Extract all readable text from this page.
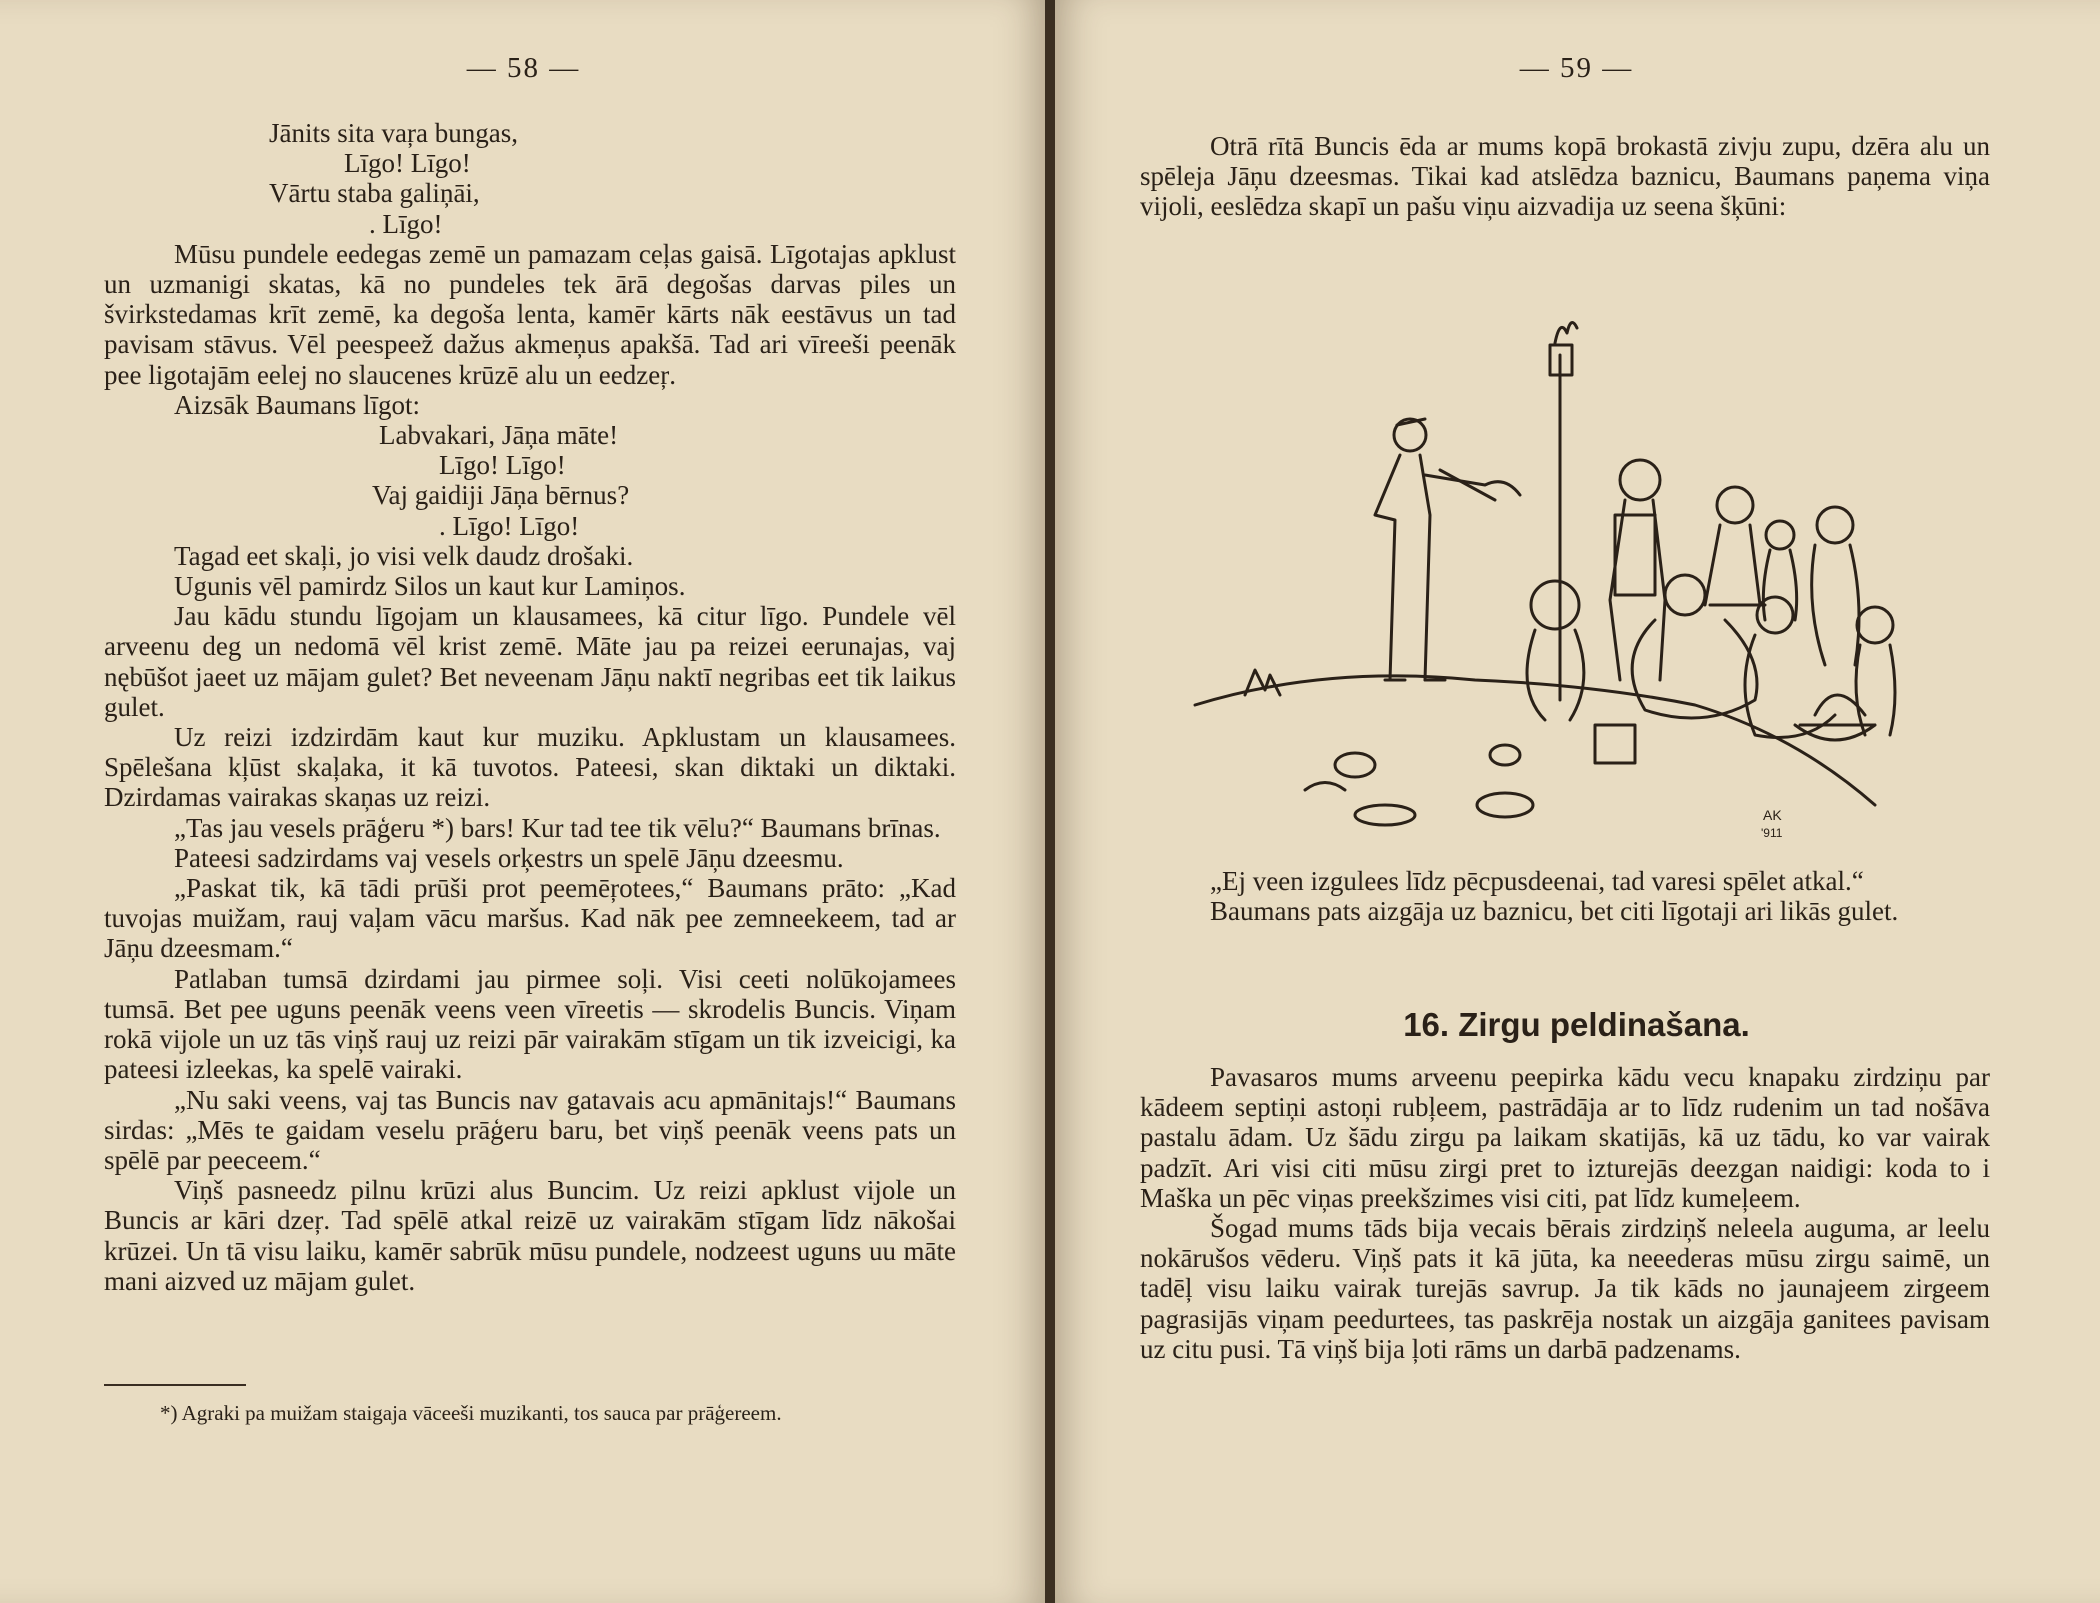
— 58 —

Jānits sita vaŗa bungas,

Līgo! Līgo!

Vārtu staba galiņāi,

. Līgo!

Mūsu pundele eedegas zemē un pamazam ceļas gaisā. Līgotajas apklust un uzmanigi skatas, kā no pundeles tek ārā degošas darvas piles un švirkstedamas krīt zemē, ka degoša lenta, kamēr kārts nāk eestāvus un tad pavisam stāvus. Vēl peespeež dažus akmeņus apakšā. Tad ari vīreeši peenāk pee ligotajām eelej no slaucenes krūzē alu un eedzeŗ.

Aizsāk Baumans līgot:

Labvakari, Jāņa māte!

Līgo! Līgo!

Vaj gaidiji Jāņa bērnus?

. Līgo! Līgo!

Tagad eet skaļi, jo visi velk daudz drošaki.

Ugunis vēl pamirdz Silos un kaut kur Lamiņos.

Jau kādu stundu līgojam un klausamees, kā citur līgo. Pundele vēl arveenu deg un nedomā vēl krist zemē. Māte jau pa reizei eerunajas, vaj nębūšot jaeet uz mājam gulet? Bet neveenam Jāņu naktī negribas eet tik laikus gulet.

Uz reizi izdzirdām kaut kur muziku. Apklustam un klausamees. Spēlešana kļūst skaļaka, it kā tuvotos. Pateesi, skan diktaki un diktaki. Dzirdamas vairakas skaņas uz reizi.

„Tas jau vesels prāģeru *) bars! Kur tad tee tik vēlu?“ Baumans brīnas.

Pateesi sadzirdams vaj vesels orķestrs un spelē Jāņu dzeesmu.

„Paskat tik, kā tādi prūši prot peemēŗotees,“ Baumans prāto: „Kad tuvojas muižam, rauj vaļam vācu maršus. Kad nāk pee zemneekeem, tad ar Jāņu dzeesmam.“

Patlaban tumsā dzirdami jau pirmee soļi. Visi ceeti nolūkojamees tumsā. Bet pee uguns peenāk veens veen vīreetis — skrodelis Buncis. Viņam rokā vijole un uz tās viņš rauj uz reizi pār vairakām stīgam un tik izveicigi, ka pateesi izleekas, ka spelē vairaki.

„Nu saki veens, vaj tas Buncis nav gatavais acu apmānitajs!“ Baumans sirdas: „Mēs te gaidam veselu prāģeru baru, bet viņš peenāk veens pats un spēlē par peeceem.“

Viņš pasneedz pilnu krūzi alus Buncim. Uz reizi apklust vijole un Buncis ar kāri dzeŗ. Tad spēlē atkal reizē uz vairakām stīgam līdz nākošai krūzei. Un tā visu laiku, kamēr sabrūk mūsu pundele, nodzeest uguns uu māte mani aizved uz mājam gulet.

*) Agraki pa muižam staigaja vāceeši muzikanti, tos sauca par prāģereem.
— 59 —
Otrā rītā Buncis ēda ar mums kopā brokastā zivju zupu, dzēra alu un spēleja Jāņu dzeesmas. Tikai kad atslēdza baznicu, Baumans paņema viņa vijoli, eeslēdza skapī un pašu viņu aizvadija uz seena šķūni:
AK
'911

„Ej veen izgulees līdz pēcpusdeenai, tad varesi spēlet atkal.“

Baumans pats aizgāja uz baznicu, bet citi līgotaji ari likās gulet.

16. Zirgu peldinašana.

Pavasaros mums arveenu peepirka kādu vecu knapaku zirdziņu par kādeem septiņi astoņi rubļeem, pastrādāja ar to līdz rudenim un tad nošāva pastalu ādam. Uz šādu zirgu pa laikam skatijās, kā uz tādu, ko var vairak padzīt. Ari visi citi mūsu zirgi pret to izturejās deezgan naidigi: koda to i Maška un pēc viņas preekšzimes visi citi, pat līdz kumeļeem.

Šogad mums tāds bija vecais bērais zirdziņš neleela auguma, ar leelu nokārušos vēderu. Viņš pats it kā jūta, ka neeederas mūsu zirgu saimē, un tadēļ visu laiku vairak turejās savrup. Ja tik kāds no jaunajeem zirgeem pagrasijās viņam peedurtees, tas paskrēja nostak un aizgāja ganitees pavisam uz citu pusi. Tā viņš bija ļoti rāms un darbā padzenams.
